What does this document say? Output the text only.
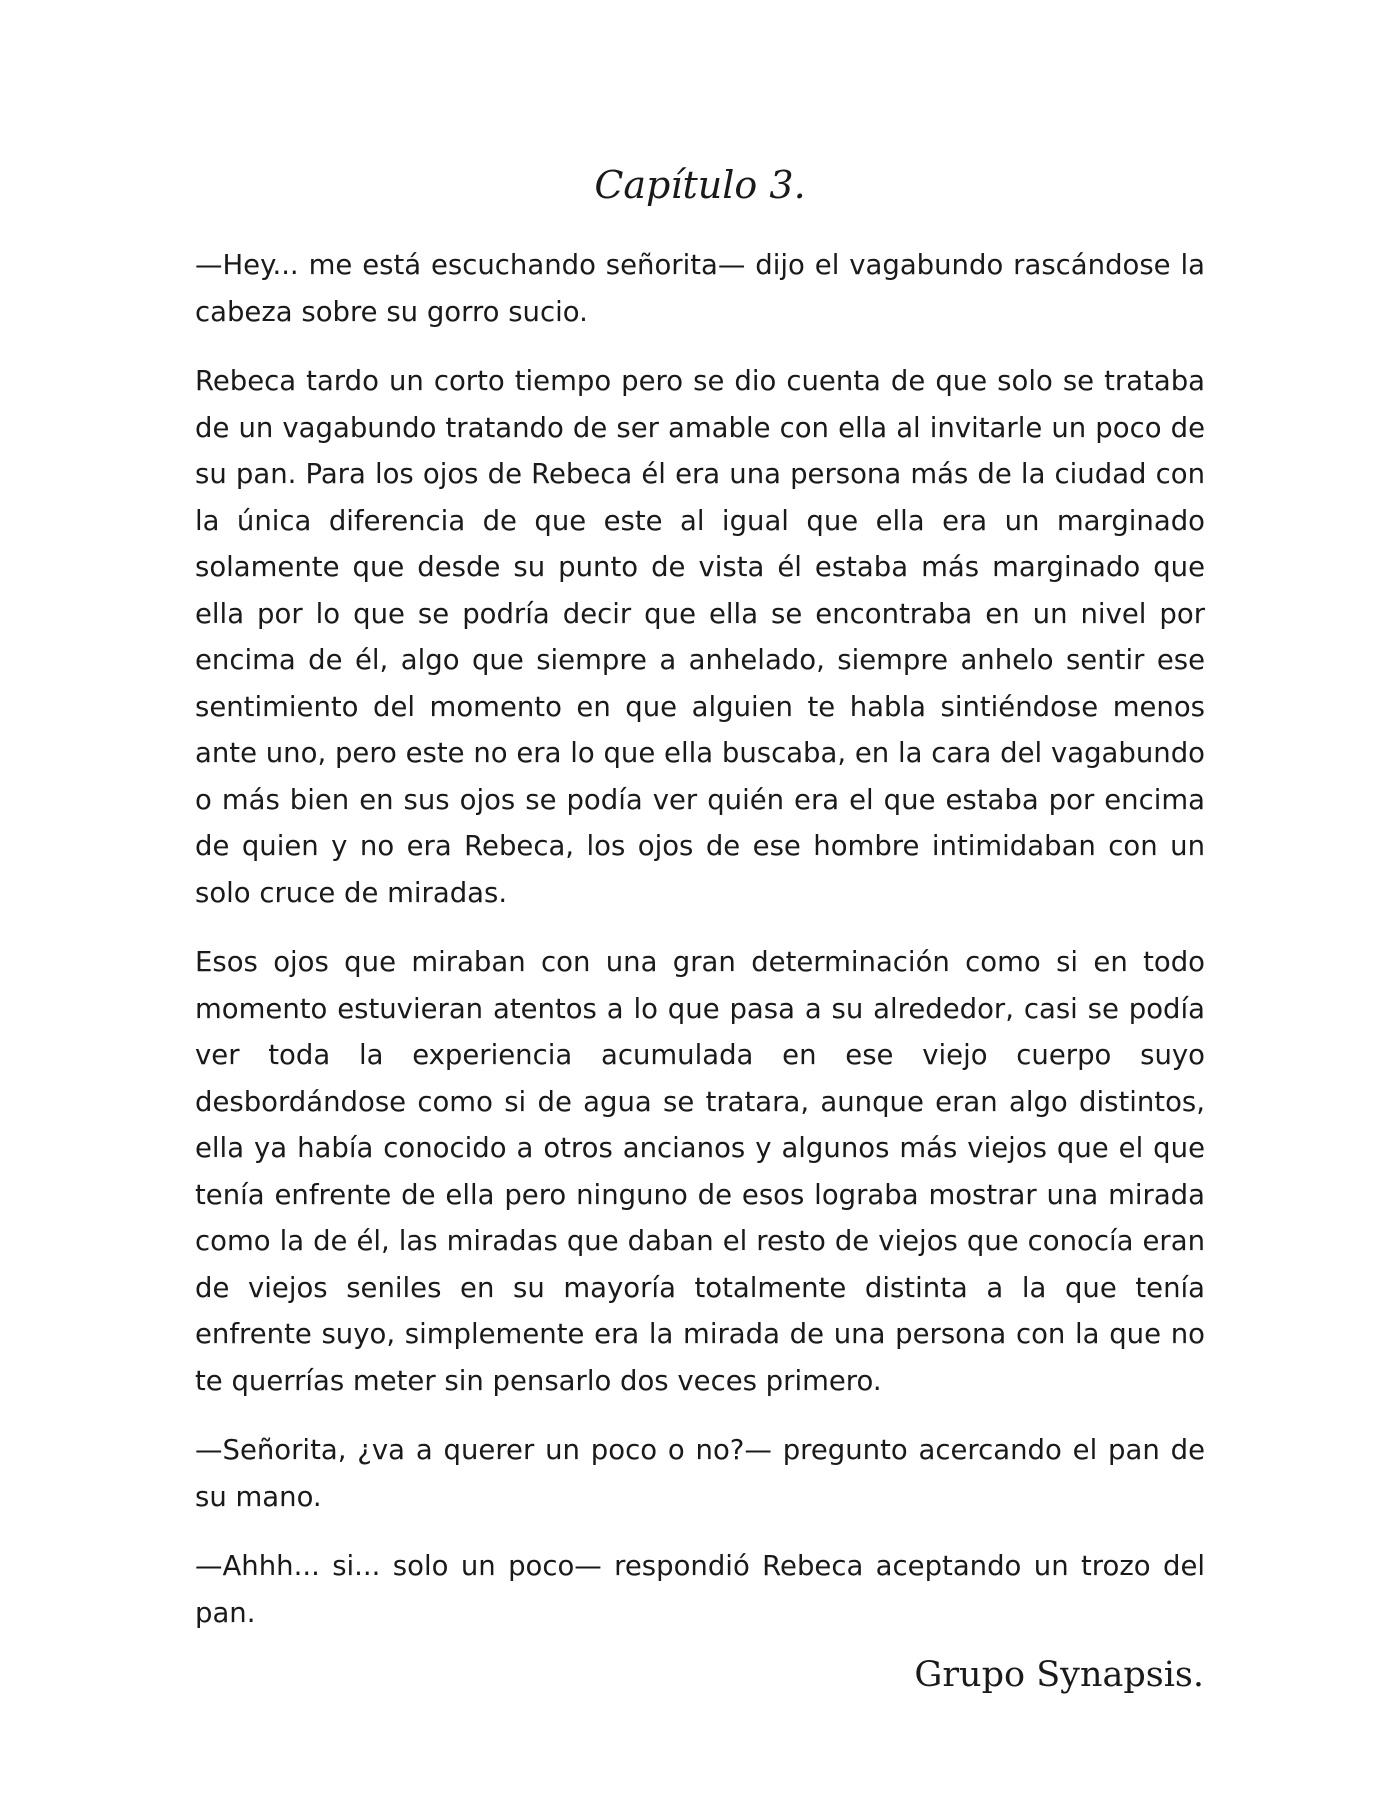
Capítulo 3.

—Hey... me está escuchando señorita— dijo el vagabundo rascándose la cabeza sobre su gorro sucio.

Rebeca tardo un corto tiempo pero se dio cuenta de que solo se trataba de un vagabundo tratando de ser amable con ella al invitarle un poco de su pan. Para los ojos de Rebeca él era una persona más de la ciudad con la única diferencia de que este al igual que ella era un marginado solamente que desde su punto de vista él estaba más marginado que ella por lo que se podría decir que ella se encontraba en un nivel por encima de él, algo que siempre a anhelado, siempre anhelo sentir ese sentimiento del momento en que alguien te habla sintiéndose menos ante uno, pero este no era lo que ella buscaba, en la cara del vagabundo o más bien en sus ojos se podía ver quién era el que estaba por encima de quien y no era Rebeca, los ojos de ese hombre intimidaban con un solo cruce de miradas.

Esos ojos que miraban con una gran determinación como si en todo momento estuvieran atentos a lo que pasa a su alrededor, casi se podía ver toda la experiencia acumulada en ese viejo cuerpo suyo desbordándose como si de agua se tratara, aunque eran algo distintos, ella ya había conocido a otros ancianos y algunos más viejos que el que tenía enfrente de ella pero ninguno de esos lograba mostrar una mirada como la de él, las miradas que daban el resto de viejos que conocía eran de viejos seniles en su mayoría totalmente distinta a la que tenía enfrente suyo, simplemente era la mirada de una persona con la que no te querrías meter sin pensarlo dos veces primero.

—Señorita, ¿va a querer un poco o no?— pregunto acercando el pan de su mano.

—Ahhh... si... solo un poco— respondió Rebeca aceptando un trozo del pan.

Grupo Synapsis.
